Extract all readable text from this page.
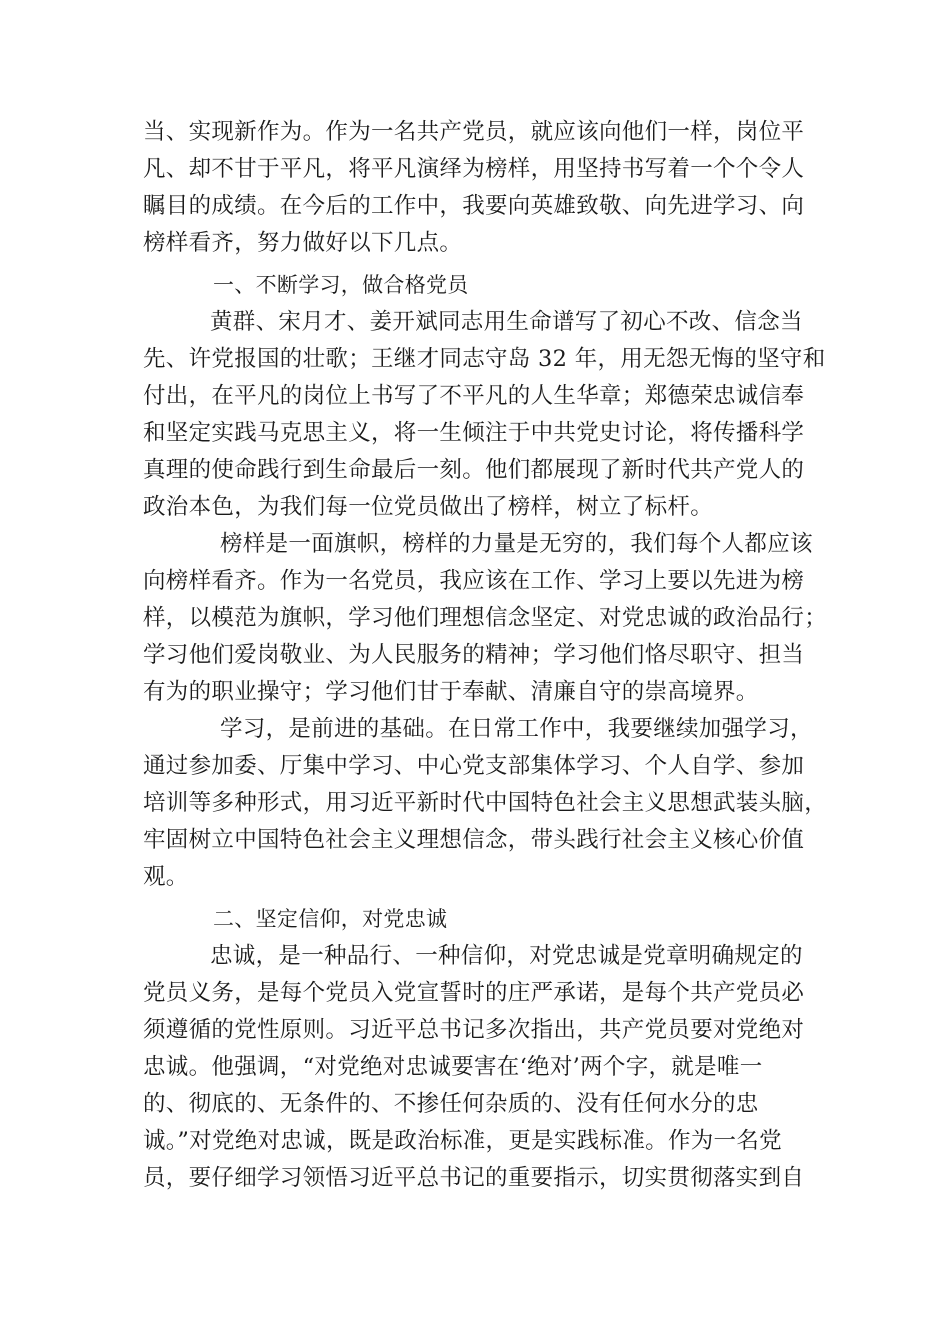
当、实现新作为。作为一名共产党员，就应该向他们一样，岗位平
凡、却不甘于平凡，将平凡演绎为榜样，用坚持书写着一个个令人
瞩目的成绩。在今后的工作中，我要向英雄致敬、向先进学习、向
榜样看齐，努力做好以下几点。
一、不断学习，做合格党员
黄群、宋月才、姜开斌同志用生命谱写了初心不改、信念当
先、许党报国的壮歌；王继才同志守岛 32 年，用无怨无悔的坚守和
付出，在平凡的岗位上书写了不平凡的人生华章；郑德荣忠诚信奉
和坚定实践马克思主义，将一生倾注于中共党史讨论，将传播科学
真理的使命践行到生命最后一刻。他们都展现了新时代共产党人的
政治本色，为我们每一位党员做出了榜样，树立了标杆。
榜样是一面旗帜，榜样的力量是无穷的，我们每个人都应该
向榜样看齐。作为一名党员，我应该在工作、学习上要以先进为榜
样，以模范为旗帜，学习他们理想信念坚定、对党忠诚的政治品行；
学习他们爱岗敬业、为人民服务的精神；学习他们恪尽职守、担当
有为的职业操守；学习他们甘于奉献、清廉自守的崇高境界。
学习，是前进的基础。在日常工作中，我要继续加强学习，
通过参加委、厅集中学习、中心党支部集体学习、个人自学、参加
培训等多种形式，用习近平新时代中国特色社会主义思想武装头脑，
牢固树立中国特色社会主义理想信念，带头践行社会主义核心价值
观。
二、坚定信仰，对党忠诚
忠诚，是一种品行、一种信仰，对党忠诚是党章明确规定的
党员义务，是每个党员入党宣誓时的庄严承诺，是每个共产党员必
须遵循的党性原则。习近平总书记多次指出，共产党员要对党绝对
忠诚。他强调，“对党绝对忠诚要害在‘绝对’两个字，就是唯一
的、彻底的、无条件的、不掺任何杂质的、没有任何水分的忠
诚。”对党绝对忠诚，既是政治标准，更是实践标准。作为一名党
员，要仔细学习领悟习近平总书记的重要指示，切实贯彻落实到自
